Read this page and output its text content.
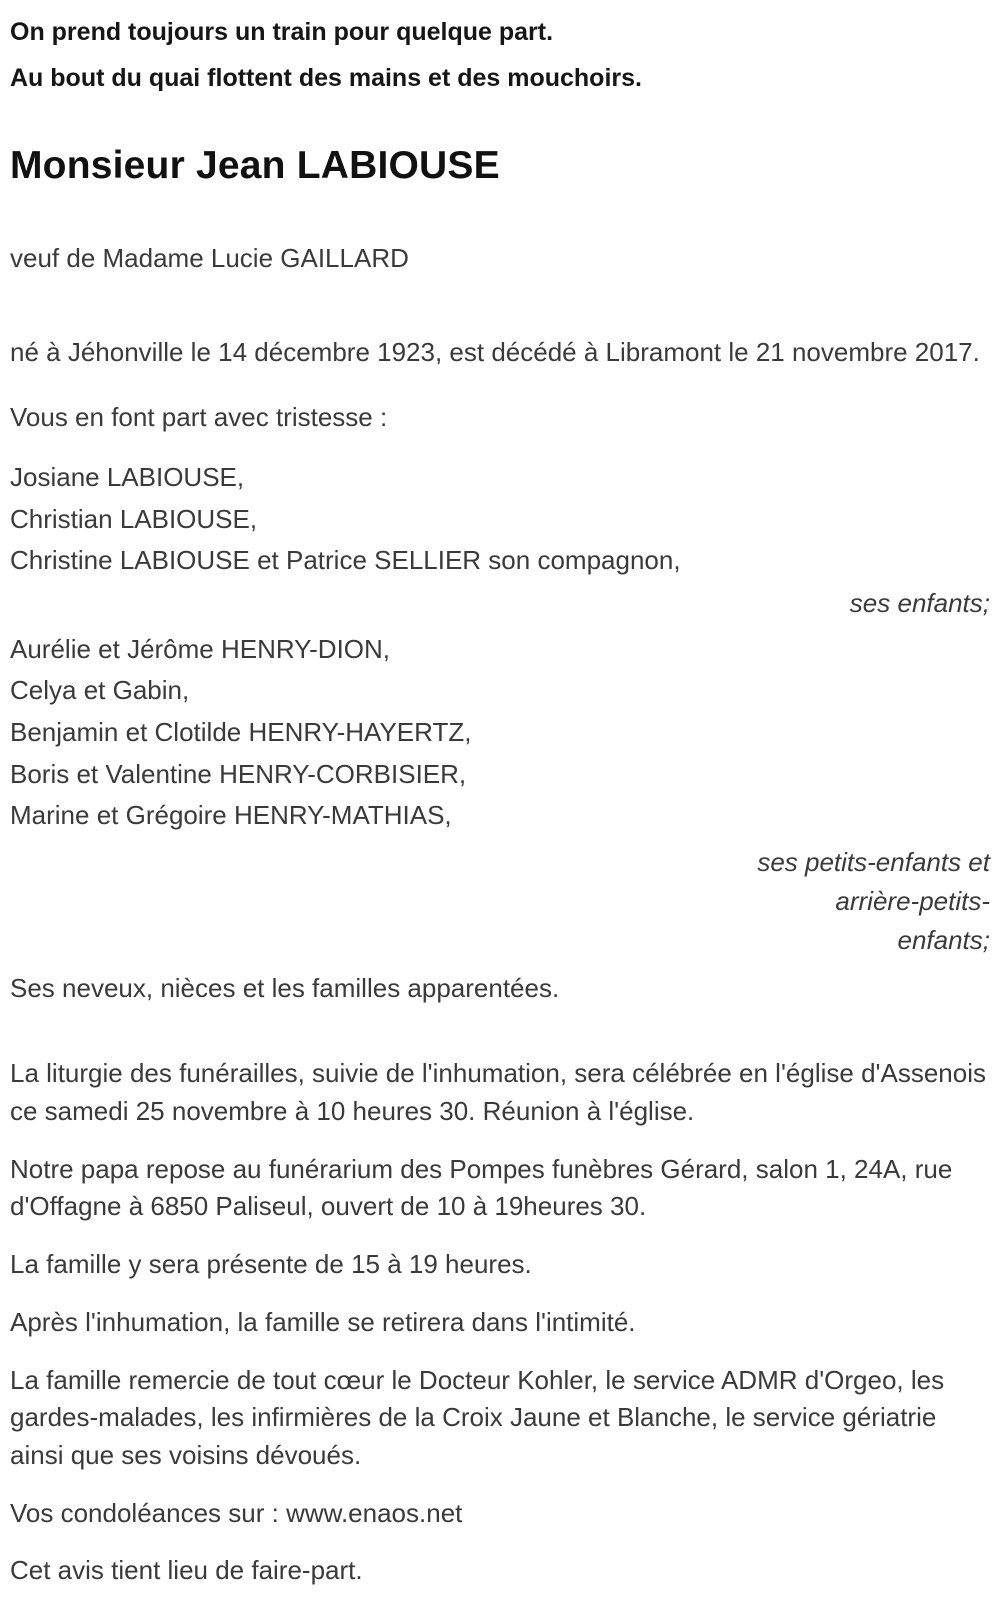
On prend toujours un train pour quelque part.
Au bout du quai flottent des mains et des mouchoirs.

Monsieur Jean LABIOUSE

veuf de Madame Lucie GAILLARD

né à Jéhonville le 14 décembre 1923, est décédé à Libramont le 21 novembre 2017.

Vous en font part avec tristesse :

Josiane LABIOUSE,

Christian LABIOUSE,

Christine LABIOUSE et Patrice SELLIER son compagnon,

ses enfants;

Aurélie et Jérôme HENRY-DION,

Celya et Gabin,

Benjamin et Clotilde HENRY-HAYERTZ,

Boris et Valentine HENRY-CORBISIER,

Marine et Grégoire HENRY-MATHIAS,

ses petits-enfants et arrière-petits-enfants;

Ses neveux, nièces et les familles apparentées.

La liturgie des funérailles, suivie de l'inhumation, sera célébrée en l'église d'Assenois ce samedi 25 novembre à 10 heures 30. Réunion à l'église.

Notre papa repose au funérarium des Pompes funèbres Gérard, salon 1, 24A, rue d'Offagne à 6850 Paliseul, ouvert de 10 à 19heures 30.

La famille y sera présente de 15 à 19 heures.

Après l'inhumation, la famille se retirera dans l'intimité.

La famille remercie de tout cœur le Docteur Kohler, le service ADMR d'Orgeo, les gardes-malades, les infirmières de la Croix Jaune et Blanche, le service gériatrie ainsi que ses voisins dévoués.

Vos condoléances sur : www.enaos.net

Cet avis tient lieu de faire-part.
